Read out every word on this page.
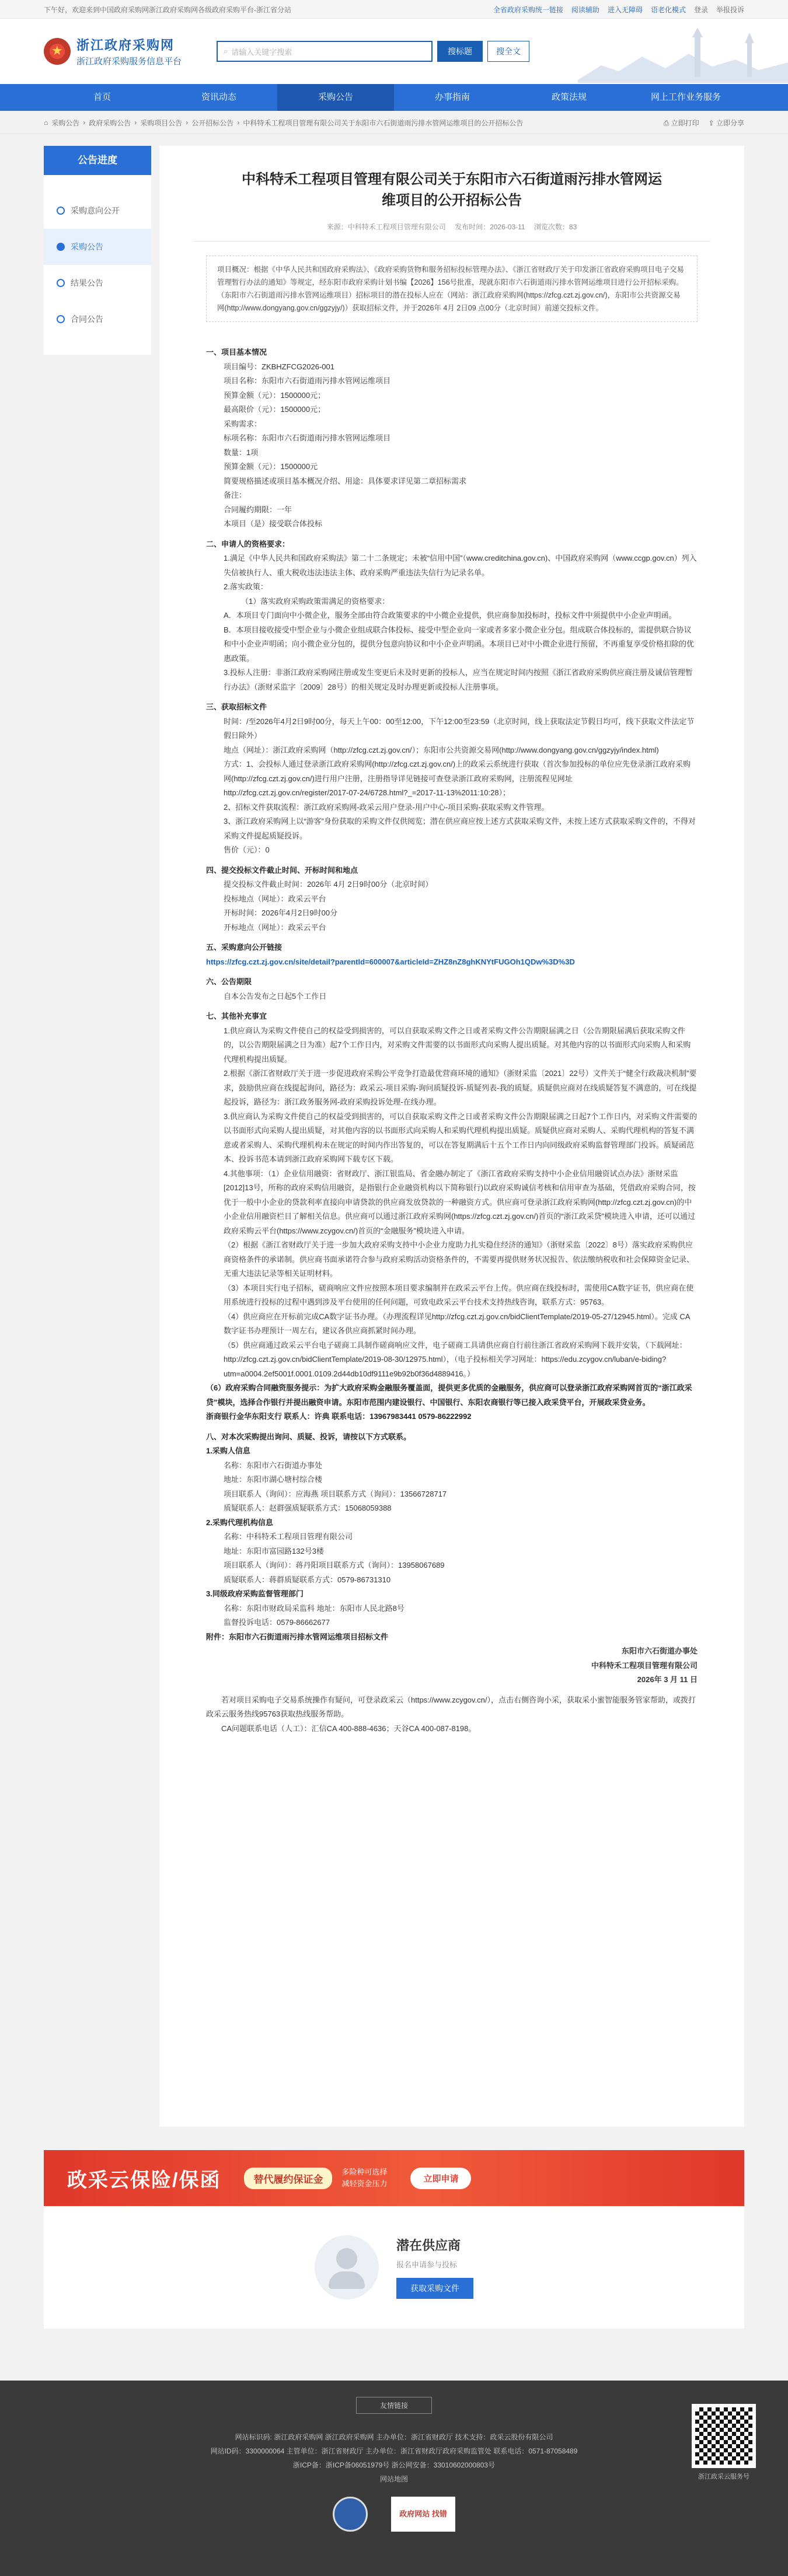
下午好，欢迎来到中国政府采购网浙江政府采购网各级政府采购平台-浙江省分站	全省政府采购统一链接 阅读辅助 进入无障碍 语老化模式 登录 举报投诉
★
浙江政府采购网
浙江政府采购服务信息平台
⌕ 请输入关键字搜索	搜标题	搜全文
首页	资讯动态	采购公告	办事指南	政策法规	网上工作业务服务
⌂ 采购公告 › 政府采购公告 › 采购项目公告 › 公开招标公告 › 中科特禾工程项目管理有限公司关于东阳市六石街道雨污排水管网运维项目的公开招标公告	⎙ 立即打印 ⇪ 立即分享
公告进度
采购意向公开
采购公告
结果公告
合同公告
中科特禾工程项目管理有限公司关于东阳市六石街道雨污排水管网运维项目的公开招标公告
来源：中科特禾工程项目管理有限公司 发布时间：2026-03-11 浏览次数：83
项目概况：根据《中华人民共和国政府采购法》、《政府采购货物和服务招标投标管理办法》、《浙江省财政厅关于印发浙江省政府采购项目电子交易管理暂行办法的通知》等规定，经东阳市政府采购计划书编【2026】156号批准，现就东阳市六石街道雨污排水管网运维项目进行公开招标采购。（东阳市六石街道雨污排水管网运维项目）招标项目的潜在投标人应在（网站：浙江政府采购网(https://zfcg.czt.zj.gov.cn/)，东阳市公共资源交易网(http://www.dongyang.gov.cn/ggzyjy/)）获取招标文件，并于2026年 4月 2日09 点00分（北京时间）前递交投标文件。

一、项目基本情况

项目编号：ZKBHZFCG2026-001

项目名称：东阳市六石街道雨污排水管网运维项目

预算金额（元）：1500000元；

最高限价（元）：1500000元；

采购需求：

标项名称：东阳市六石街道雨污排水管网运维项目

数量：1项

预算金额（元）：1500000元

简要规格描述或项目基本概况介绍、用途：具体要求详见第二章招标需求

备注：

合同履约期限：一年

本项目（是）接受联合体投标

二、申请人的资格要求：

1.满足《中华人民共和国政府采购法》第二十二条规定；未被“信用中国”（www.creditchina.gov.cn)、中国政府采购网（www.ccgp.gov.cn）列入失信被执行人、重大税收违法违法主体、政府采购严重违法失信行为记录名单。

2.落实政策：

（1）落实政府采购政策需满足的资格要求：

A．本项目专门面向中小微企业，服务全部由符合政策要求的中小微企业提供，供应商参加投标时，投标文件中须提供中小企业声明函。

B．本项目接收接受中型企业与小微企业组成联合体投标、接受中型企业向一家或者多家小微企业分包。组成联合体投标的，需提供联合协议和中小企业声明函；向小微企业分包的，提供分包意向协议和中小企业声明函。本项目已对中小微企业进行预留，不再重复享受价格扣除的优惠政策。

3.投标人注册：非浙江政府采购网注册或发生变更后未及时更新的投标人，应当在规定时间内按照《浙江省政府采购供应商注册及诚信管理暂行办法》（浙财采监字〔2009〕28号）的相关规定及时办理更新或投标人注册事项。

三、获取招标文件

时间：/至2026年4月2日9时00分，每天上午00：00至12:00，下午12:00至23:59（北京时间，线上获取法定节假日均可，线下获取文件法定节假日除外）

地点（网址）：浙江政府采购网（http://zfcg.czt.zj.gov.cn/）；东阳市公共资源交易网(http://www.dongyang.gov.cn/ggzyjy/index.html)

方式：1、会投标人通过登录浙江政府采购网(http://zfcg.czt.zj.gov.cn/)上的政采云系统进行获取（首次参加投标的单位应先登录浙江政府采购网(http://zfcg.czt.zj.gov.cn/)进行用户注册，注册指导详见链接可查登录浙江政府采购网，注册流程见网址 http://zfcg.czt.zj.gov.cn/register/2017-07-24/6728.html?_=2017-11-13%2011:10:28）；

2、招标文件获取流程：浙江政府采购网-政采云用户登录-用户中心-项目采购-获取采购文件管理。

3、浙江政府采购网上以“游客”身份获取的采购文件仅供阅览；潜在供应商应按上述方式获取采购文件，未按上述方式获取采购文件的，不得对采购文件提起质疑投诉。

售价（元）：0

四、提交投标文件截止时间、开标时间和地点

提交投标文件截止时间：2026年 4月 2日9时00分（北京时间）

投标地点（网址）：政采云平台

开标时间：2026年4月2日9时00分

开标地点（网址）：政采云平台

五、采购意向公开链接

https://zfcg.czt.zj.gov.cn/site/detail?parentId=600007&articleId=ZHZ8nZ8ghKNYtFUGOh1QDw%3D%3D

六、公告期限

自本公告发布之日起5个工作日

七、其他补充事宜

1.供应商认为采购文件使自己的权益受到损害的，可以自获取采购文件之日或者采购文件公告期限届满之日（公告期限届满后获取采购文件的，以公告期限届满之日为准）起7个工作日内，对采购文件需要的以书面形式向采购人提出质疑。对其他内容的以书面形式向采购人和采购代理机构提出质疑。

2.根据《浙江省财政厅关于进一步促进政府采购公平竞争打造最优营商环境的通知》（浙财采监〔2021〕22号）文件关于“健全行政裁决机制”要求，鼓励供应商在线提起询问，路径为：政采云-项目采购-询问质疑投诉-质疑列表-我的质疑。质疑供应商对在线质疑答复不满意的，可在线提起投诉，路径为：浙江政务服务网-政府采购投诉处理-在线办理。

3.供应商认为采购文件使自己的权益受到损害的，可以自获取采购文件之日或者采购文件公告期限届满之日起7个工作日内，对采购文件需要的以书面形式向采购人提出质疑，对其他内容的以书面形式向采购人和采购代理机构提出质疑。质疑供应商对采购人、采购代理机构的答复不满意或者采购人、采购代理机构未在规定的时间内作出答复的，可以在答复期满后十五个工作日内向同级政府采购监督管理部门投诉。质疑函范本、投诉书范本请到浙江政府采购网下载专区下载。

4.其他事项：（1）企业信用融资：省财政厅、浙江银监局、省金融办制定了《浙江省政府采购支持中小企业信用融资试点办法》浙财采监[2012]13号，所称的政府采购信用融资，是指银行企业融资机构以下简称银行)以政府采购诚信考核和信用审查为基础，凭借政府采购合同，按优于一般中小企业的贷款利率直接向申请贷款的供应商发放贷款的一种融资方式。供应商可登录浙江政府采购网(http://zfcg.czt.zj.gov.cn)的中小企业信用融资栏目了解相关信息。供应商可以通过浙江政府采购网(https://zfcg.czt.zj.gov.cn/)首页的“浙江政采贷”模块进入申请，还可以通过政府采购云平台(https://www.zcygov.cn/)首页的“金融服务”模块进入申请。

（2）根据《浙江省财政厅关于进一步加大政府采购支持中小企业力度助力扎实稳住经济的通知》（浙财采监〔2022〕8号）落实政府采购供应商资格条件的承诺制。供应商书面承诺符合参与政府采购活动资格条件的，不需要再提供财务状况报告、依法缴纳税收和社会保障资金记录、无重大违法记录等相关证明材料。

（3）本项目实行电子招标，磋商响应文件应按照本项目要求编制并在政采云平台上传。供应商在线投标时，需使用CA数字证书，供应商在使用系统进行投标的过程中遇到涉及平台使用的任何问题，可致电政采云平台技术支持热线咨询，联系方式：95763。

（4）供应商应在开标前完成CA数字证书办理。（办理流程详见http://zfcg.czt.zj.gov.cn/bidClientTemplate/2019-05-27/12945.html）。完成 CA 数字证书办理预计一周左右，建议各供应商抓紧时间办理。

（5）供应商通过政采云平台电子磋商工具制作磋商响应文件，电子磋商工具请供应商自行前往浙江省政府采购网下载并安装，（下载网址：http://zfcg.czt.zj.gov.cn/bidClientTemplate/2019-08-30/12975.html），（电子投标相关学习网址：https://edu.zcygov.cn/luban/e-biding?utm=a0004.2ef5001f.0001.0109.2d44db10df9111e9b92b0f36d4889416。）

（6）政府采购合同融资服务提示：为扩大政府采购金融服务覆盖面，提供更多优质的金融服务，供应商可以登录浙江政府采购网首页的“浙江政采贷”模块，选择合作银行并提出融资申请。东阳市范围内建设银行、中国银行、东阳农商银行等已接入政采贷平台，开展政采贷业务。

浙商银行金华东阳支行 联系人：许典 联系电话：13967983441 0579-86222992

八、对本次采购提出询问、质疑、投诉，请按以下方式联系。

1.采购人信息

名称：东阳市六石街道办事处

地址：东阳市湖心塘村综合楼

项目联系人（询问）：应海燕 项目联系方式（询问）：13566728717

质疑联系人：赵群强质疑联系方式：15068059388

2.采购代理机构信息

名称：中科特禾工程项目管理有限公司

地址：东阳市富园路132号3楼

项目联系人（询问）：蒋丹阳项目联系方式（询问）：13958067689

质疑联系人：蒋群质疑联系方式：0579-86731310

3.同级政府采购监督管理部门

名称：东阳市财政局采监科 地址：东阳市人民北路8号

监督投诉电话：0579-86662677

附件：东阳市六石街道雨污排水管网运维项目招标文件

东阳市六石街道办事处

中科特禾工程项目管理有限公司

2026年 3 月 11 日

若对项目采购电子交易系统操作有疑问，可登录政采云（https://www.zcygov.cn/），点击右侧咨询小采，获取采小蜜智能服务管家帮助，或拨打政采云服务热线95763获取热线服务帮助。

CA问题联系电话（人工）：汇信CA 400-888-4636；天谷CA 400-087-8198。

政采云保险/保函	替代履约保证金
多险种可选择
减轻资金压力	立即申请
潜在供应商
报名申请参与投标
获取采购文件
友情链接
网站标识码: 浙江政府采购网 浙江政府采购网 主办单位：浙江省财政厅 技术支持：政采云股份有限公司
网站ID码：3300000064 主管单位：浙江省财政厅 主办单位：浙江省财政厅政府采购监管处 联系电话：0571-87058489
浙ICP备：浙ICP备06051979号 浙公网安备：33010602000803号
网站地图
政府网站 找错
浙江政采云服务号
